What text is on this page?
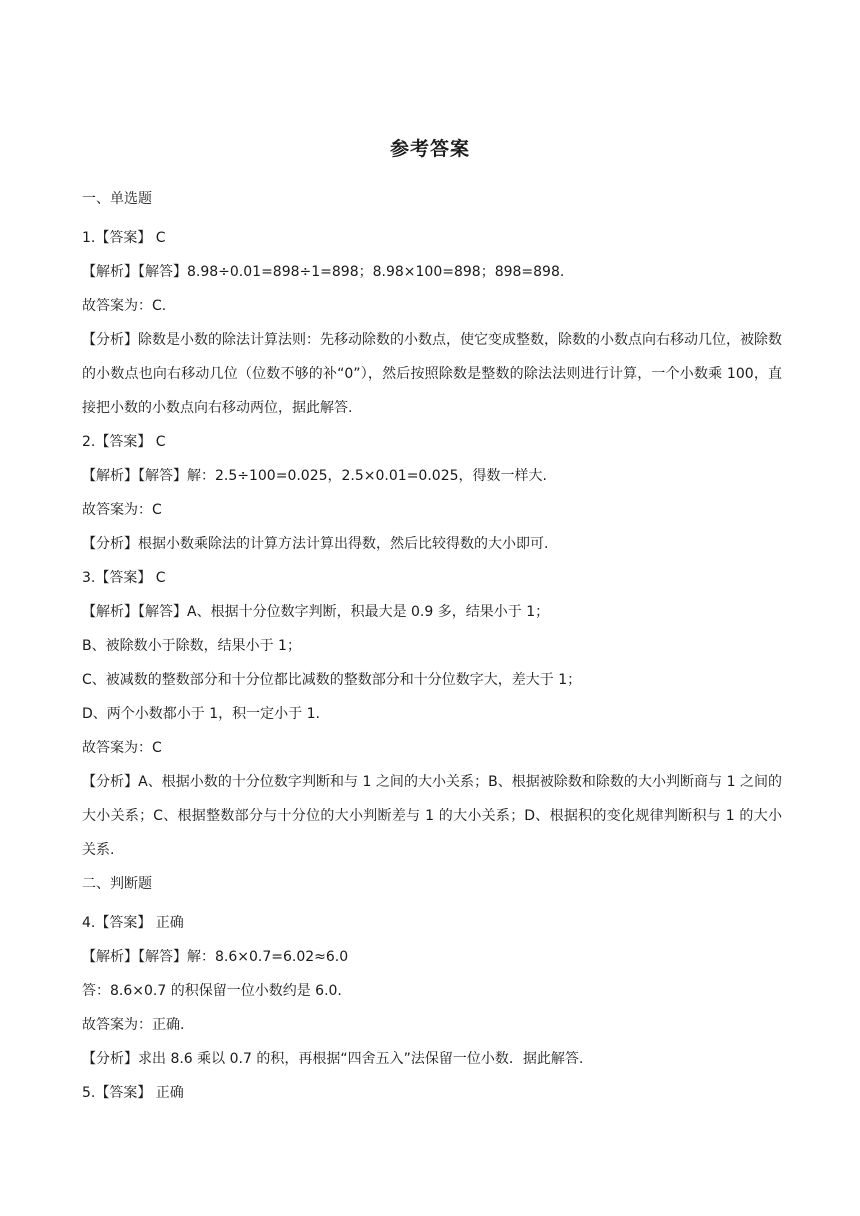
参考答案
一、单选题
1.【答案】 C
【解析】【解答】8.98÷0.01=898÷1=898；8.98×100=898；898=898.
故答案为：C.
【分析】除数是小数的除法计算法则：先移动除数的小数点，使它变成整数，除数的小数点向右移动几位，被除数的小数点也向右移动几位（位数不够的补“0”），然后按照除数是整数的除法法则进行计算，一个小数乘 100，直接把小数的小数点向右移动两位，据此解答.
2.【答案】 C
【解析】【解答】解：2.5÷100=0.025，2.5×0.01=0.025，得数一样大.
故答案为：C
【分析】根据小数乘除法的计算方法计算出得数，然后比较得数的大小即可.
3.【答案】 C
【解析】【解答】A、根据十分位数字判断，积最大是 0.9 多，结果小于 1；
B、被除数小于除数，结果小于 1；
C、被减数的整数部分和十分位都比减数的整数部分和十分位数字大，差大于 1；
D、两个小数都小于 1，积一定小于 1.
故答案为：C
【分析】A、根据小数的十分位数字判断和与 1 之间的大小关系；B、根据被除数和除数的大小判断商与 1 之间的大小关系；C、根据整数部分与十分位的大小判断差与 1 的大小关系；D、根据积的变化规律判断积与 1 的大小关系.
二、判断题
4.【答案】 正确
【解析】【解答】解：8.6×0.7=6.02≈6.0
答：8.6×0.7 的积保留一位小数约是 6.0.
故答案为：正确.
【分析】求出 8.6 乘以 0.7 的积，再根据“四舍五入”法保留一位小数．据此解答.
5.【答案】 正确
